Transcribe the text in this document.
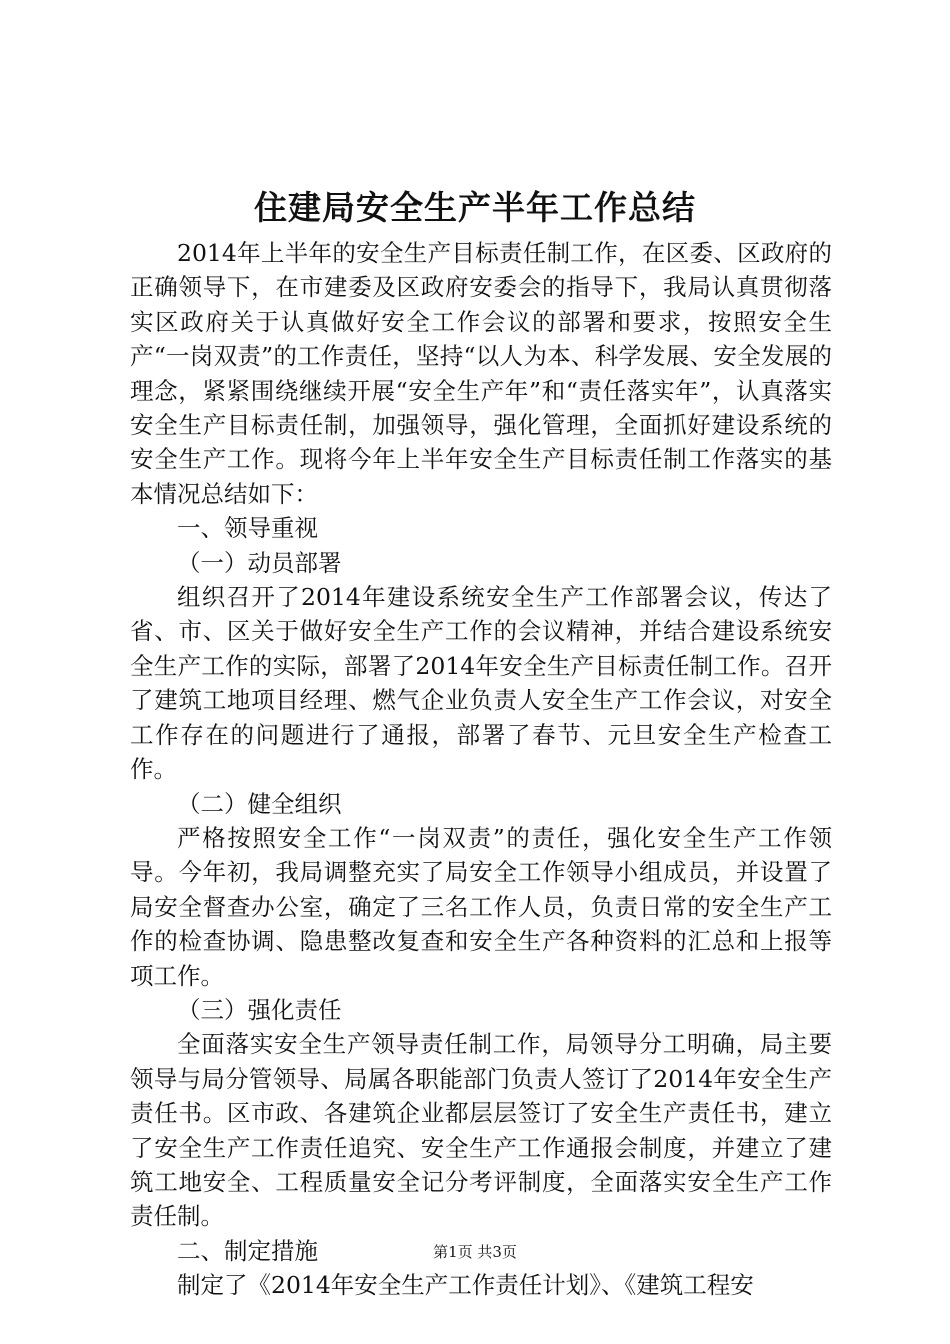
住建局安全生产半年工作总结

2014年上半年的安全生产目标责任制工作，在区委、区政府的正确领导下，在市建委及区政府安委会的指导下，我局认真贯彻落实区政府关于认真做好安全工作会议的部署和要求，按照安全生产“一岗双责”的工作责任，坚持“以人为本、科学发展、安全发展的理念，紧紧围绕继续开展“安全生产年”和“责任落实年”，认真落实安全生产目标责任制，加强领导，强化管理，全面抓好建设系统的安全生产工作。现将今年上半年安全生产目标责任制工作落实的基本情况总结如下：

一、领导重视

（一）动员部署

组织召开了2014年建设系统安全生产工作部署会议，传达了省、市、区关于做好安全生产工作的会议精神，并结合建设系统安全生产工作的实际，部署了2014年安全生产目标责任制工作。召开了建筑工地项目经理、燃气企业负责人安全生产工作会议，对安全工作存在的问题进行了通报，部署了春节、元旦安全生产检查工作。

（二）健全组织

严格按照安全工作“一岗双责”的责任，强化安全生产工作领导。今年初，我局调整充实了局安全工作领导小组成员，并设置了局安全督查办公室，确定了三名工作人员，负责日常的安全生产工作的检查协调、隐患整改复查和安全生产各种资料的汇总和上报等项工作。

（三）强化责任

全面落实安全生产领导责任制工作，局领导分工明确，局主要领导与局分管领导、局属各职能部门负责人签订了2014年安全生产责任书。区市政、各建筑企业都层层签订了安全生产责任书，建立了安全生产工作责任追究、安全生产工作通报会制度，并建立了建筑工地安全、工程质量安全记分考评制度，全面落实安全生产工作责任制。

二、制定措施

制定了《2014年安全生产工作责任计划》、《建筑工程安

第1页 共3页
